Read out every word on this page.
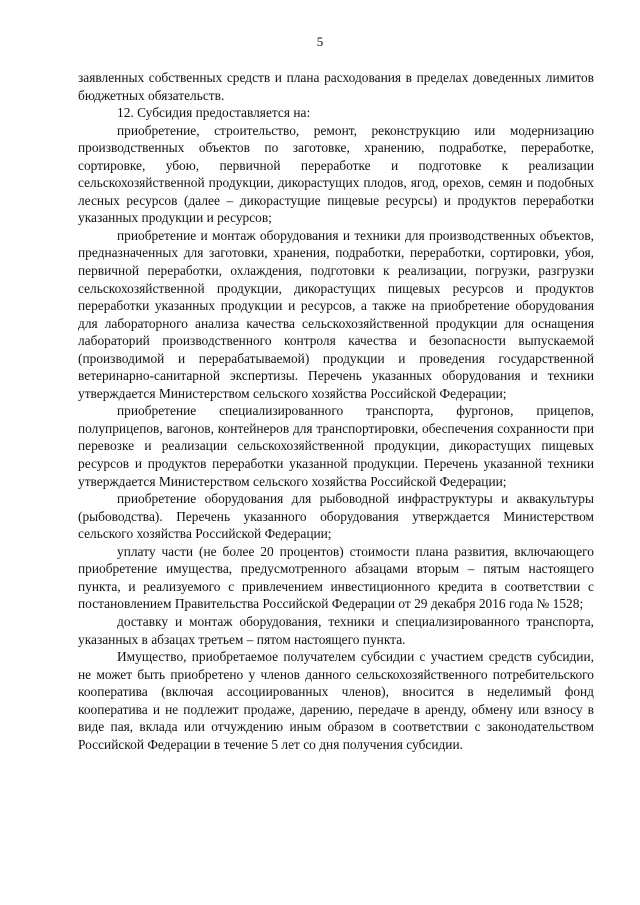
5

заявленных собственных средств и плана расходования в пределах доведенных лимитов бюджетных обязательств.

12. Субсидия предоставляется на:

приобретение, строительство, ремонт, реконструкцию или модернизацию производственных объектов по заготовке, хранению, подработке, переработке, сортировке, убою, первичной переработке и подготовке к реализации сельскохозяйственной продукции, дикорастущих плодов, ягод, орехов, семян и подобных лесных ресурсов (далее – дикорастущие пищевые ресурсы) и продуктов переработки указанных продукции и ресурсов;

приобретение и монтаж оборудования и техники для производственных объектов, предназначенных для заготовки, хранения, подработки, переработки, сортировки, убоя, первичной переработки, охлаждения, подготовки к реализации, погрузки, разгрузки сельскохозяйственной продукции, дикорастущих пищевых ресурсов и продуктов переработки указанных продукции и ресурсов, а также на приобретение оборудования для лабораторного анализа качества сельскохозяйственной продукции для оснащения лабораторий производственного контроля качества и безопасности выпускаемой (производимой и перерабатываемой) продукции и проведения государственной ветеринарно-санитарной экспертизы. Перечень указанных оборудования и техники утверждается Министерством сельского хозяйства Российской Федерации;

приобретение специализированного транспорта, фургонов, прицепов, полуприцепов, вагонов, контейнеров для транспортировки, обеспечения сохранности при перевозке и реализации сельскохозяйственной продукции, дикорастущих пищевых ресурсов и продуктов переработки указанной продукции. Перечень указанной техники утверждается Министерством сельского хозяйства Российской Федерации;

приобретение оборудования для рыбоводной инфраструктуры и аквакультуры (рыбоводства). Перечень указанного оборудования утверждается Министерством сельского хозяйства Российской Федерации;

уплату части (не более 20 процентов) стоимости плана развития, включающего приобретение имущества, предусмотренного абзацами вторым – пятым настоящего пункта, и реализуемого с привлечением инвестиционного кредита в соответствии с постановлением Правительства Российской Федерации от 29 декабря 2016 года № 1528;

доставку и монтаж оборудования, техники и специализированного транспорта, указанных в абзацах третьем – пятом настоящего пункта.

Имущество, приобретаемое получателем субсидии с участием средств субсидии, не может быть приобретено у членов данного сельскохозяйственного потребительского кооператива (включая ассоциированных членов), вносится в неделимый фонд кооператива и не подлежит продаже, дарению, передаче в аренду, обмену или взносу в виде пая, вклада или отчуждению иным образом в соответствии с законодательством Российской Федерации в течение 5 лет со дня получения субсидии.
